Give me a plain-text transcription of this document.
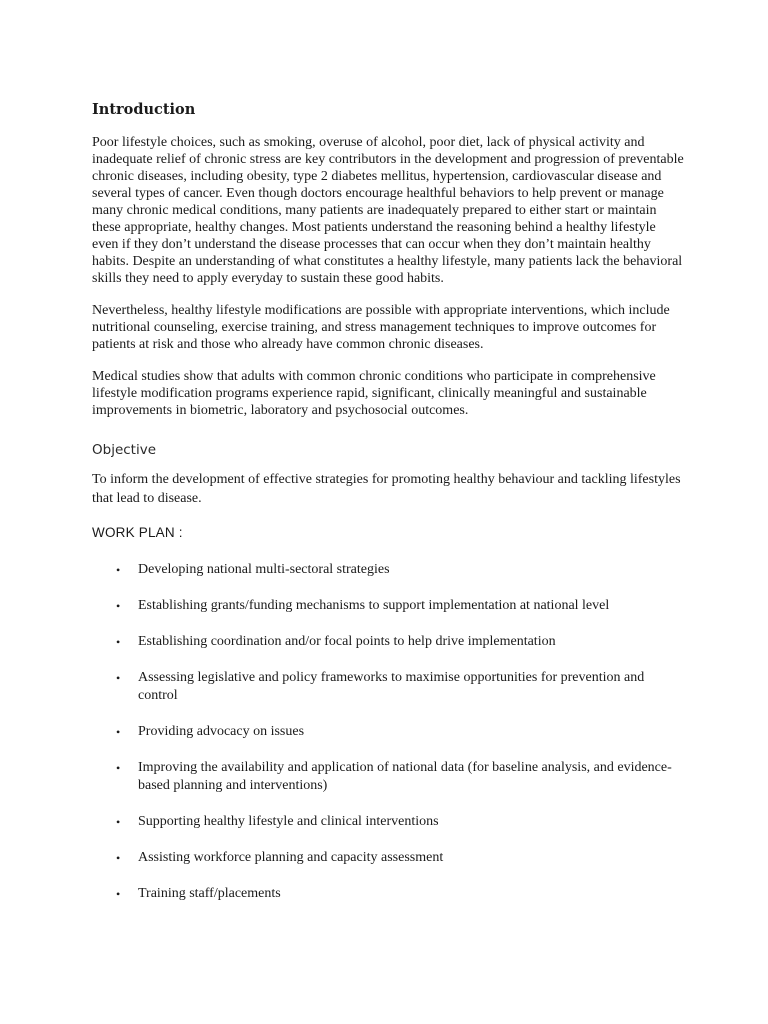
Introduction

Poor lifestyle choices, such as smoking, overuse of alcohol, poor diet, lack of physical activity and inadequate relief of chronic stress are key contributors in the development and progression of preventable chronic diseases, including obesity, type 2 diabetes mellitus, hypertension, cardiovascular disease and several types of cancer. Even though doctors encourage healthful behaviors to help prevent or manage many chronic medical conditions, many patients are inadequately prepared to either start or maintain these appropriate, healthy changes. Most patients understand the reasoning behind a healthy lifestyle even if they don’t understand the disease processes that can occur when they don’t maintain healthy habits. Despite an understanding of what constitutes a healthy lifestyle, many patients lack the behavioral skills they need to apply everyday to sustain these good habits.

Nevertheless, healthy lifestyle modifications are possible with appropriate interventions, which include nutritional counseling, exercise training, and stress management techniques to improve outcomes for patients at risk and those who already have common chronic diseases.

Medical studies show that adults with common chronic conditions who participate in comprehensive lifestyle modification programs experience rapid, significant, clinically meaningful and sustainable improvements in biometric, laboratory and psychosocial outcomes.

Objective

To inform the development of effective strategies for promoting healthy behaviour and tackling lifestyles that lead to disease.

WORK PLAN :
• Developing national multi-sectoral strategies
• Establishing grants/funding mechanisms to support implementation at national level
• Establishing coordination and/or focal points to help drive implementation
• Assessing legislative and policy frameworks to maximise opportunities for prevention and control
• Providing advocacy on issues
• Improving the availability and application of national data (for baseline analysis, and evidence-based planning and interventions)
• Supporting healthy lifestyle and clinical interventions
• Assisting workforce planning and capacity assessment
• Training staff/placements
